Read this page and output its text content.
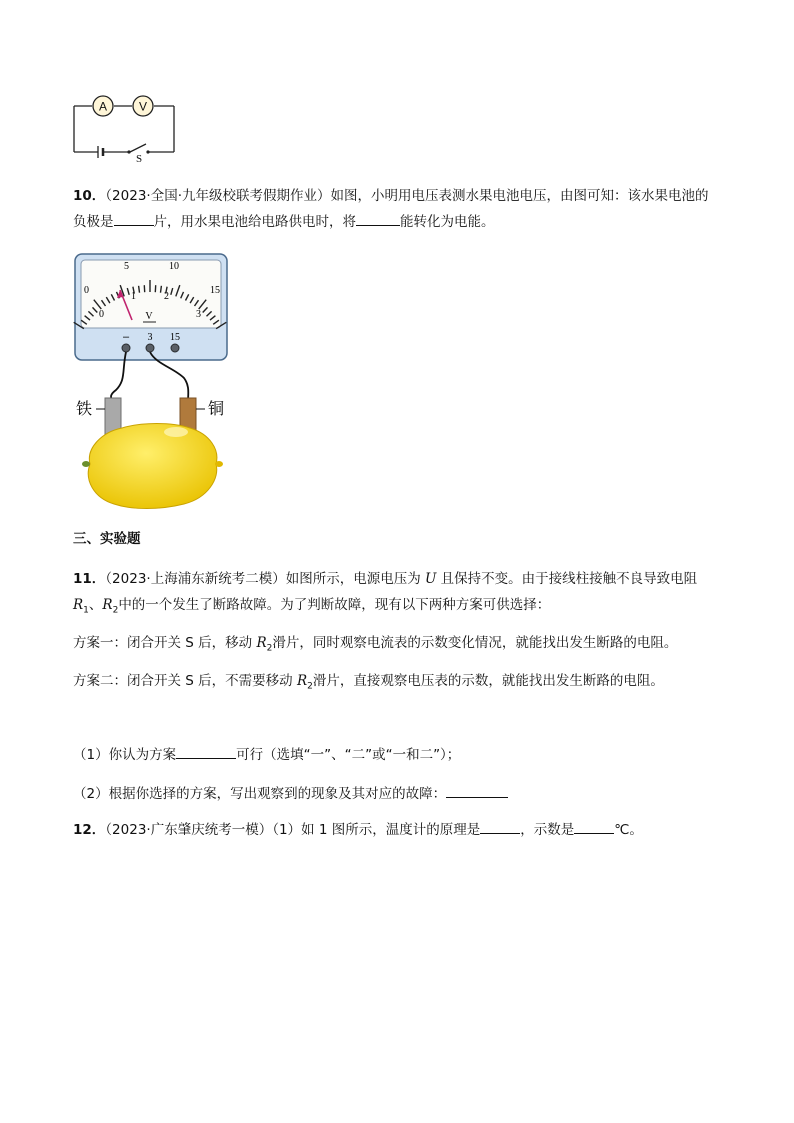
A	V
S
10．（2023·全国·九年级校联考假期作业）如图，小明用电压表测水果电池电压，由图可知：该水果电池的
负极是	片，用水果电池给电路供电时，将	能转化为电能。
0
5	10
15
0
1	2
3
V
– 3 15
铁	铜
三、实验题
11．（2023·上海浦东新统考二模）如图所示，电源电压为 U 且保持不变。由于接线柱接触不良导致电阻
$R_1$、$R_2$中的一个发生了断路故障。为了判断故障，现有以下两种方案可供选择：
方案一：闭合开关 S 后，移动 $R_2$滑片，同时观察电流表的示数变化情况，就能找出发生断路的电阻。
方案二：闭合开关 S 后，不需要移动 $R_2$滑片，直接观察电压表的示数，就能找出发生断路的电阻。
（1）你认为方案	可行（选填“一”、“二”或“一和二”）；
（2）根据你选择的方案，写出观察到的现象及其对应的故障：
12．（2023·广东肇庆统考一模）（1）如 1 图所示，温度计的原理是	，示数是	℃。
